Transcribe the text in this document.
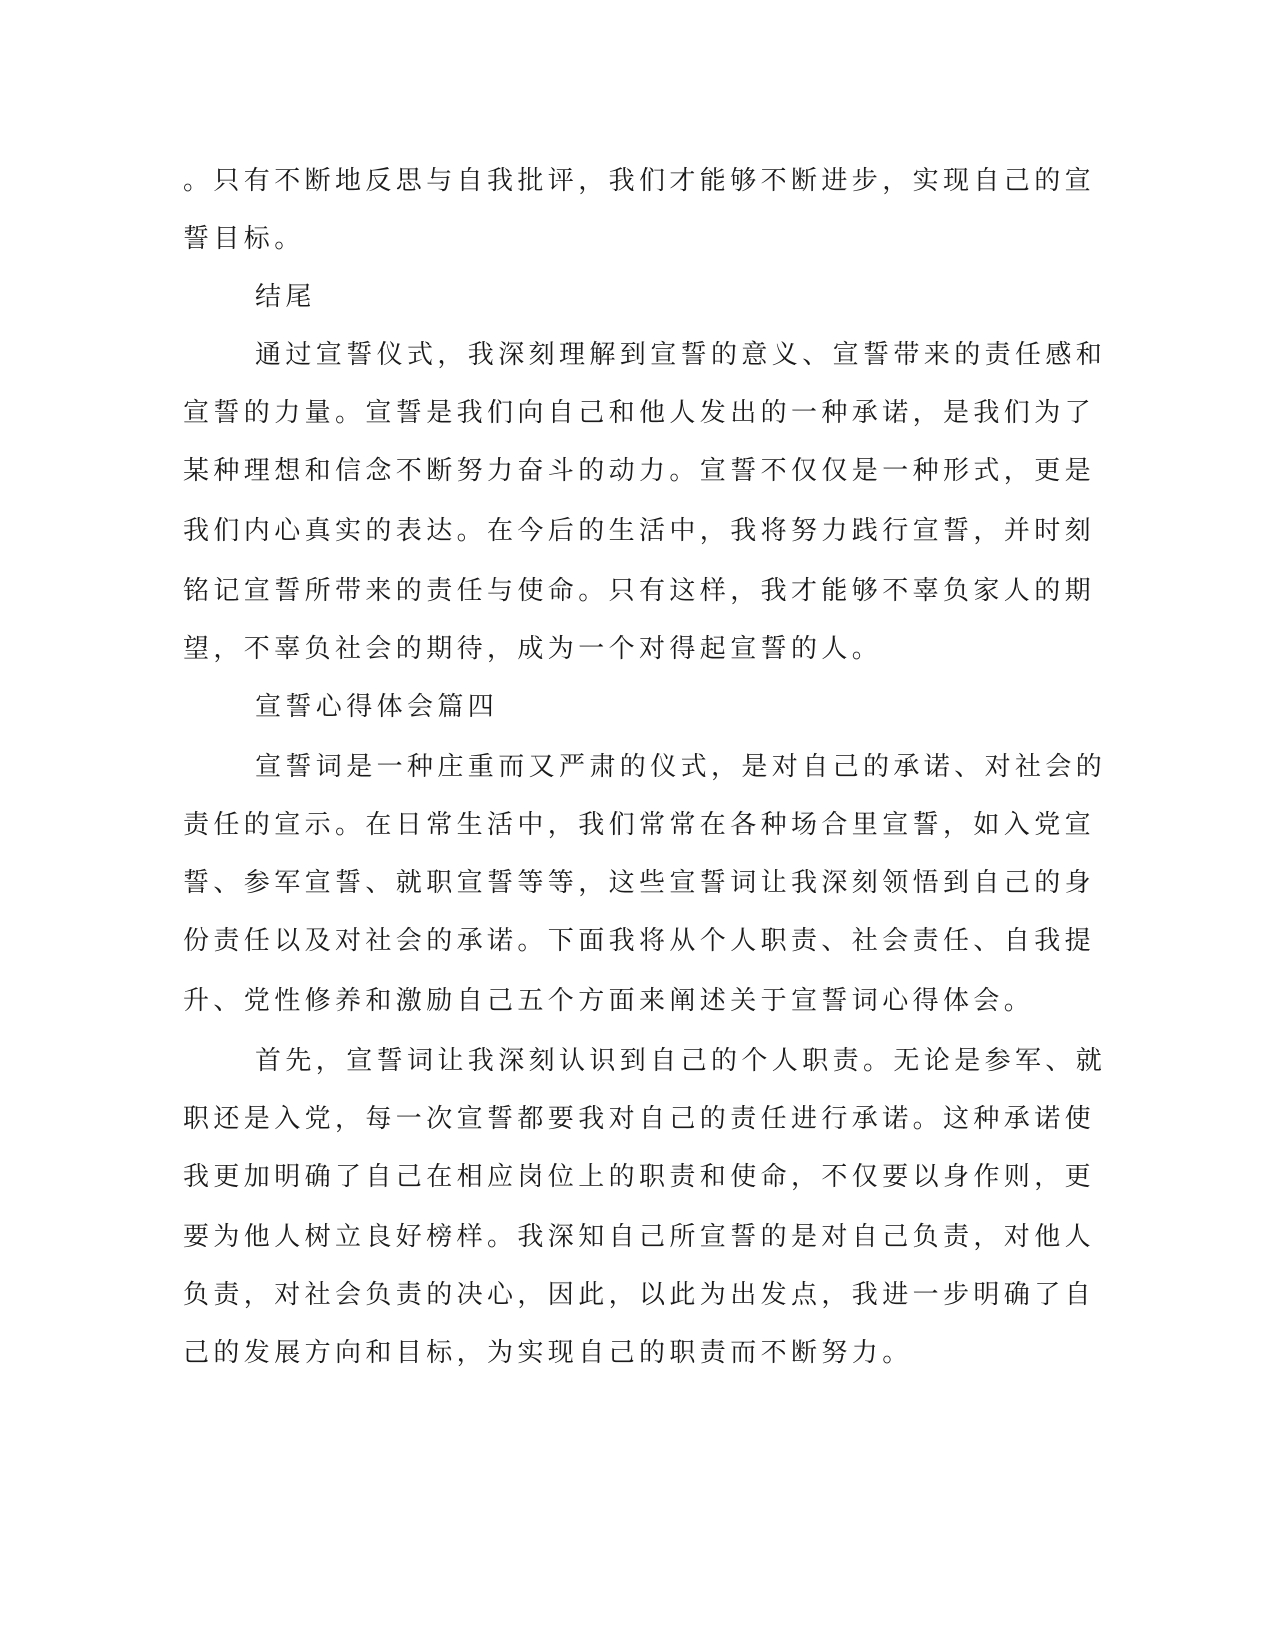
。只有不断地反思与自我批评，我们才能够不断进步，实现自己的宣
誓目标。
结尾
通过宣誓仪式，我深刻理解到宣誓的意义、宣誓带来的责任感和
宣誓的力量。宣誓是我们向自己和他人发出的一种承诺，是我们为了
某种理想和信念不断努力奋斗的动力。宣誓不仅仅是一种形式，更是
我们内心真实的表达。在今后的生活中，我将努力践行宣誓，并时刻
铭记宣誓所带来的责任与使命。只有这样，我才能够不辜负家人的期
望，不辜负社会的期待，成为一个对得起宣誓的人。
宣誓心得体会篇四
宣誓词是一种庄重而又严肃的仪式，是对自己的承诺、对社会的
责任的宣示。在日常生活中，我们常常在各种场合里宣誓，如入党宣
誓、参军宣誓、就职宣誓等等，这些宣誓词让我深刻领悟到自己的身
份责任以及对社会的承诺。下面我将从个人职责、社会责任、自我提
升、党性修养和激励自己五个方面来阐述关于宣誓词心得体会。
首先，宣誓词让我深刻认识到自己的个人职责。无论是参军、就
职还是入党，每一次宣誓都要我对自己的责任进行承诺。这种承诺使
我更加明确了自己在相应岗位上的职责和使命，不仅要以身作则，更
要为他人树立良好榜样。我深知自己所宣誓的是对自己负责，对他人
负责，对社会负责的决心，因此，以此为出发点，我进一步明确了自
己的发展方向和目标，为实现自己的职责而不断努力。
